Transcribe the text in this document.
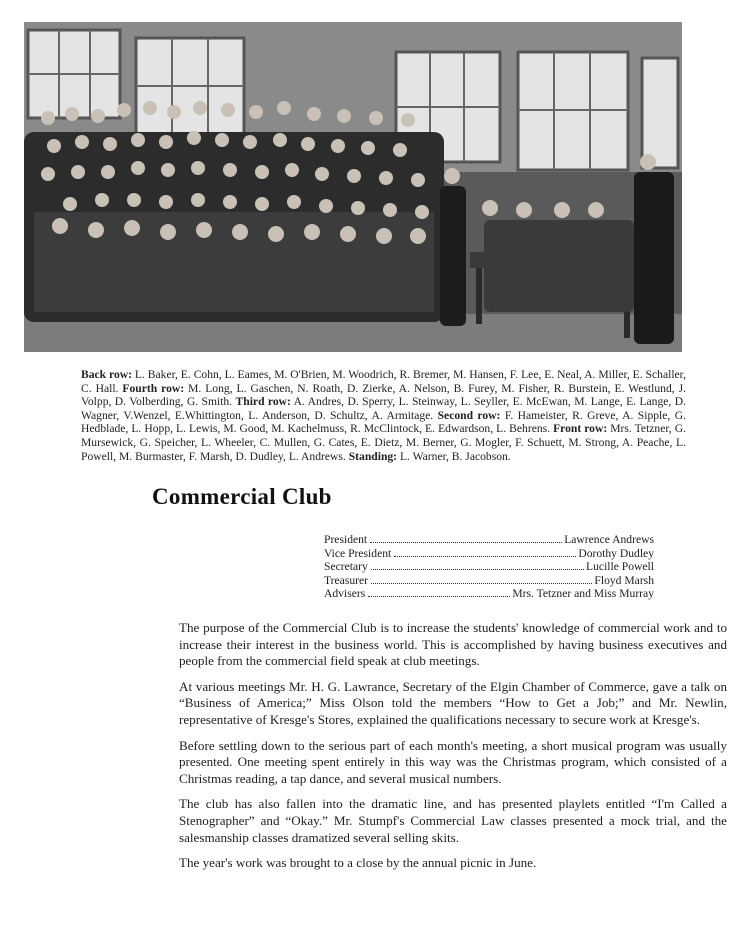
Back row: L. Baker, E. Cohn, L. Eames, M. O'Brien, M. Woodrich, R. Bremer, M. Hansen, F. Lee, E. Neal, A. Miller, E. Schaller, C. Hall. Fourth row: M. Long, L. Gaschen, N. Roath, D. Zierke, A. Nelson, B. Furey, M. Fisher, R. Burstein, E. Westlund, J. Volpp, D. Volberding, G. Smith. Third row: A. Andres, D. Sperry, L. Steinway, L. Seyller, E. McEwan, M. Lange, E. Lange, D. Wagner, V.Wenzel, E.Whittington, L. Anderson, D. Schultz, A. Armitage. Second row: F. Hameister, R. Greve, A. Sipple, G. Hedblade, L. Hopp, L. Lewis, M. Good, M. Kachelmuss, R. McClintock, E. Edwardson, L. Behrens. Front row: Mrs. Tetzner, G. Mursewick, G. Speicher, L. Wheeler, C. Mullen, G. Cates, E. Dietz, M. Berner, G. Mogler, F. Schuett, M. Strong, A. Peache, L. Powell, M. Burmaster, F. Marsh, D. Dudley, L. Andrews. Standing: L. Warner, B. Jacobson.
Commercial Club
President	Lawrence Andrews
Vice President	Dorothy Dudley
Secretary	Lucille Powell
Treasurer	Floyd Marsh
Advisers	Mrs. Tetzner and Miss Murray

The purpose of the Commercial Club is to increase the students' knowledge of commercial work and to increase their interest in the business world. This is accomplished by having business executives and people from the commercial field speak at club meetings.

At various meetings Mr. H. G. Lawrance, Secretary of the Elgin Chamber of Commerce, gave a talk on “Business of America;” Miss Olson told the members “How to Get a Job;” and Mr. Newlin, representative of Kresge's Stores, explained the qualifications necessary to secure work at Kresge's.

Before settling down to the serious part of each month's meeting, a short musical program was usually presented. One meeting spent entirely in this way was the Christmas program, which consisted of a Christmas reading, a tap dance, and several musical numbers.

The club has also fallen into the dramatic line, and has presented playlets entitled “I'm Called a Stenographer” and “Okay.” Mr. Stumpf's Commercial Law classes presented a mock trial, and the salesmanship classes dramatized several selling skits.

The year's work was brought to a close by the annual picnic in June.
